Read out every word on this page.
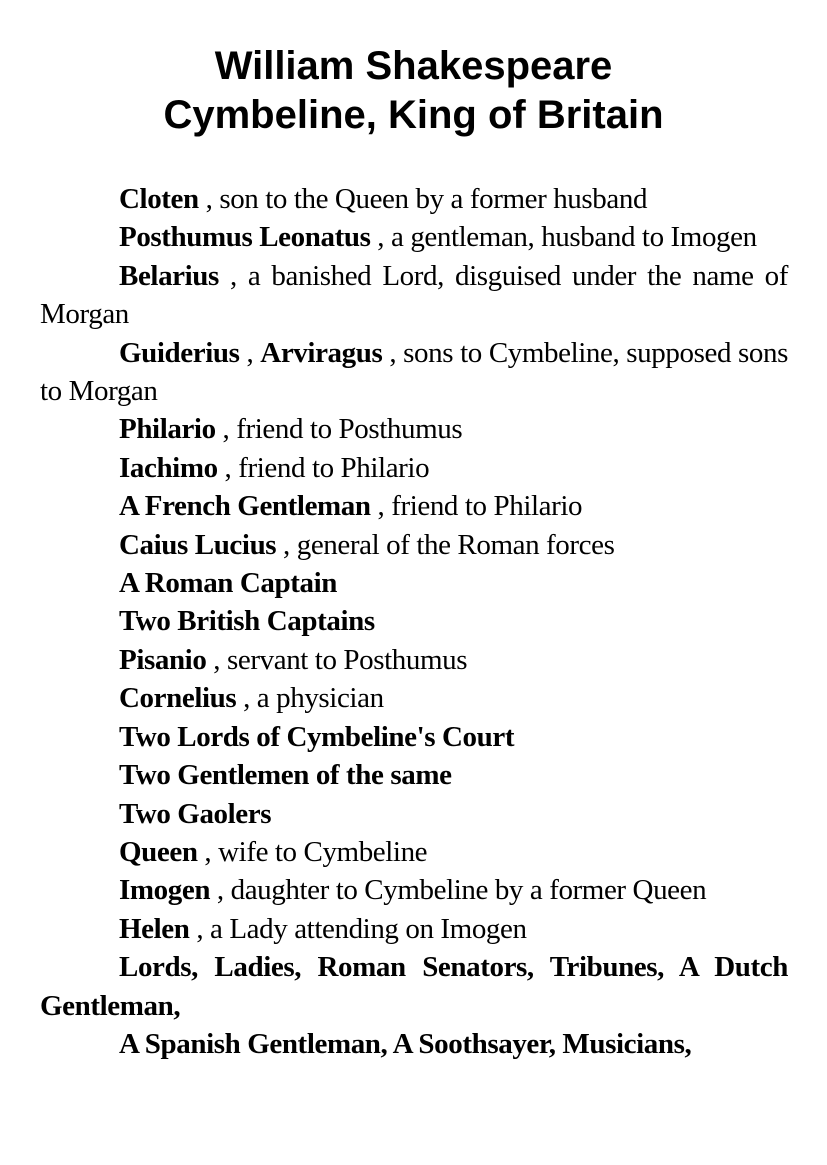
William Shakespeare
Cymbeline, King of Britain

Cloten , son to the Queen by a former husband

Posthumus Leonatus , a gentleman, husband to Imogen

Belarius , a banished Lord, disguised under the name of Morgan

Guiderius , Arviragus , sons to Cymbeline, supposed sons to Morgan

Philario , friend to Posthumus

Iachimo , friend to Philario

A French Gentleman , friend to Philario

Caius Lucius , general of the Roman forces

A Roman Captain

Two British Captains

Pisanio , servant to Posthumus

Cornelius , a physician

Two Lords of Cymbeline's Court

Two Gentlemen of the same

Two Gaolers

Queen , wife to Cymbeline

Imogen , daughter to Cymbeline by a former Queen

Helen , a Lady attending on Imogen

Lords, Ladies, Roman Senators, Tribunes, A Dutch Gentleman,

A Spanish Gentleman, A Soothsayer, Musicians,
